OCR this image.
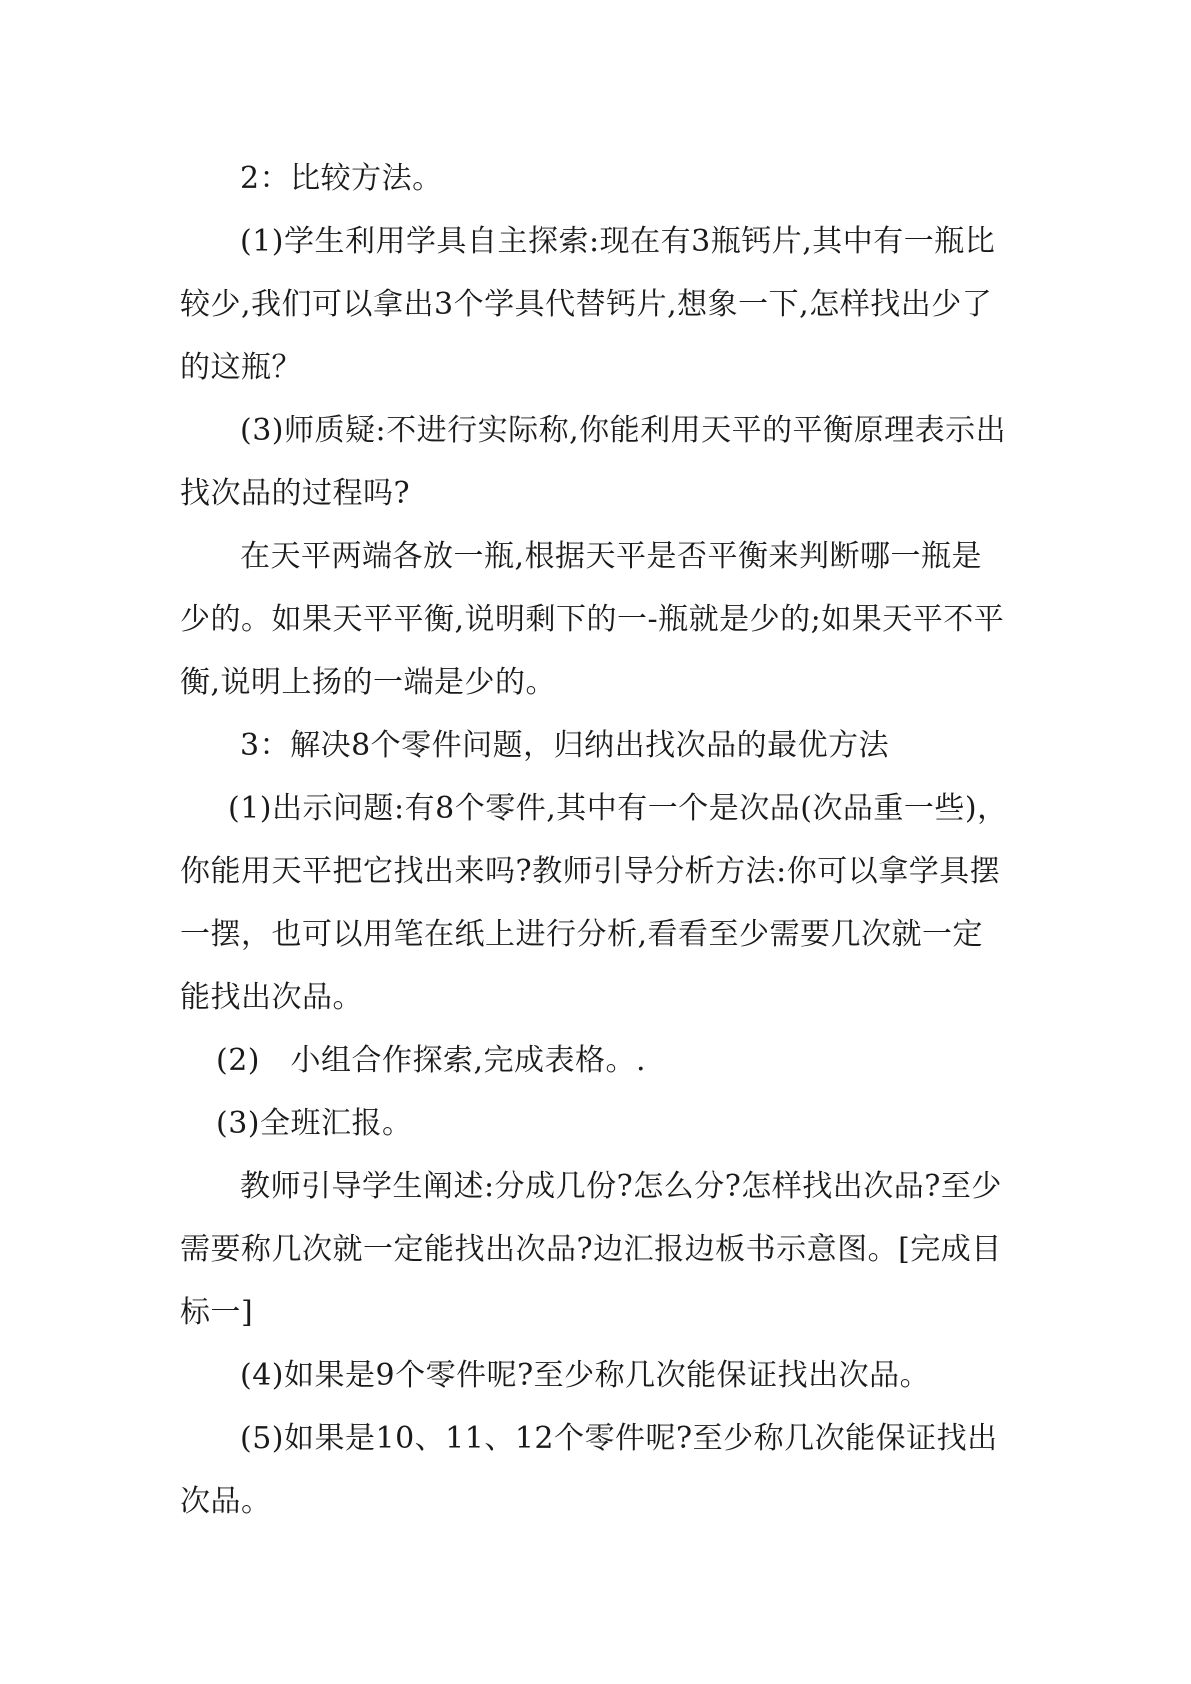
2：比较方法。

(1)学生利用学具自主探索:现在有3瓶钙片,其中有一瓶比较少,我们可以拿出3个学具代替钙片,想象一下,怎样找出少了的这瓶？

(3)师质疑:不进行实际称,你能利用天平的平衡原理表示出找次品的过程吗?

在天平两端各放一瓶,根据天平是否平衡来判断哪一瓶是少的。如果天平平衡,说明剩下的一-瓶就是少的;如果天平不平衡,说明上扬的一端是少的。

3：解决8个零件问题，归纳出找次品的最优方法

(1)出示问题:有8个零件,其中有一个是次品(次品重一些)，你能用天平把它找出来吗?教师引导分析方法:你可以拿学具摆一摆，也可以用笔在纸上进行分析,看看至少需要几次就一定能找出次品。

(2)　小组合作探索,完成表格。.

(3)全班汇报。

教师引导学生阐述:分成几份?怎么分?怎样找出次品?至少需要称几次就一定能找出次品?边汇报边板书示意图。[完成目标一]

(4)如果是9个零件呢?至少称几次能保证找出次品。

(5)如果是10、11、12个零件呢?至少称几次能保证找出次品。
